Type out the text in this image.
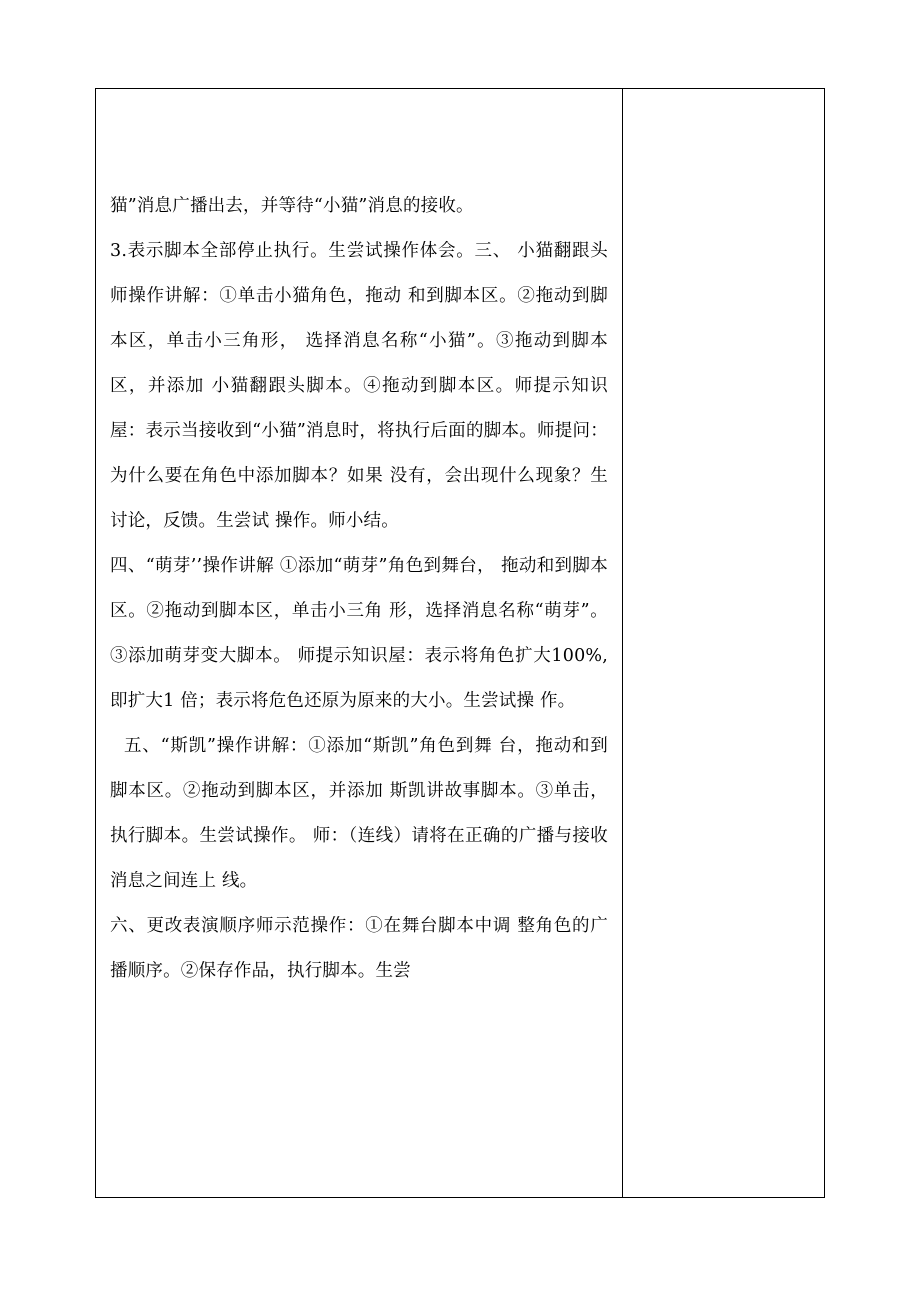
猫”消息广播出去，并等待“小猫”消息的接收。

3.表示脚本全部停止执行。生尝试操作体会。三、 小猫翻跟头师操作讲解：①单击小猫角色，拖动 和到脚本区。②拖动到脚本区，单击小三角形， 选择消息名称“小猫”。③拖动到脚本区，并添加 小猫翻跟头脚本。④拖动到脚本区。师提示知识 屋：表示当接收到“小猫”消息时，将执行后面的脚本。师提问：为什么要在角色中添加脚本？如果 没有，会出现什么现象？生讨论，反馈。生尝试 操作。师小结。

四、“萌芽’’操作讲解 ①添加“萌芽”角色到舞台， 拖动和到脚本区。②拖动到脚本区，单击小三角 形，选择消息名称“萌芽”。③添加萌芽变大脚本。 师提示知识屋：表示将角色扩大100%,即扩大1 倍；表示将危色还原为原来的大小。生尝试操 作。

五、“斯凯”操作讲解：①添加“斯凯”角色到舞 台，拖动和到脚本区。②拖动到脚本区，并添加 斯凯讲故事脚本。③单击，执行脚本。生尝试操作。 师：（连线）请将在正确的广播与接收消息之间连上 线。

六、更改表演顺序师示范操作：①在舞台脚本中调 整角色的广播顺序。②保存作品，执行脚本。生尝
